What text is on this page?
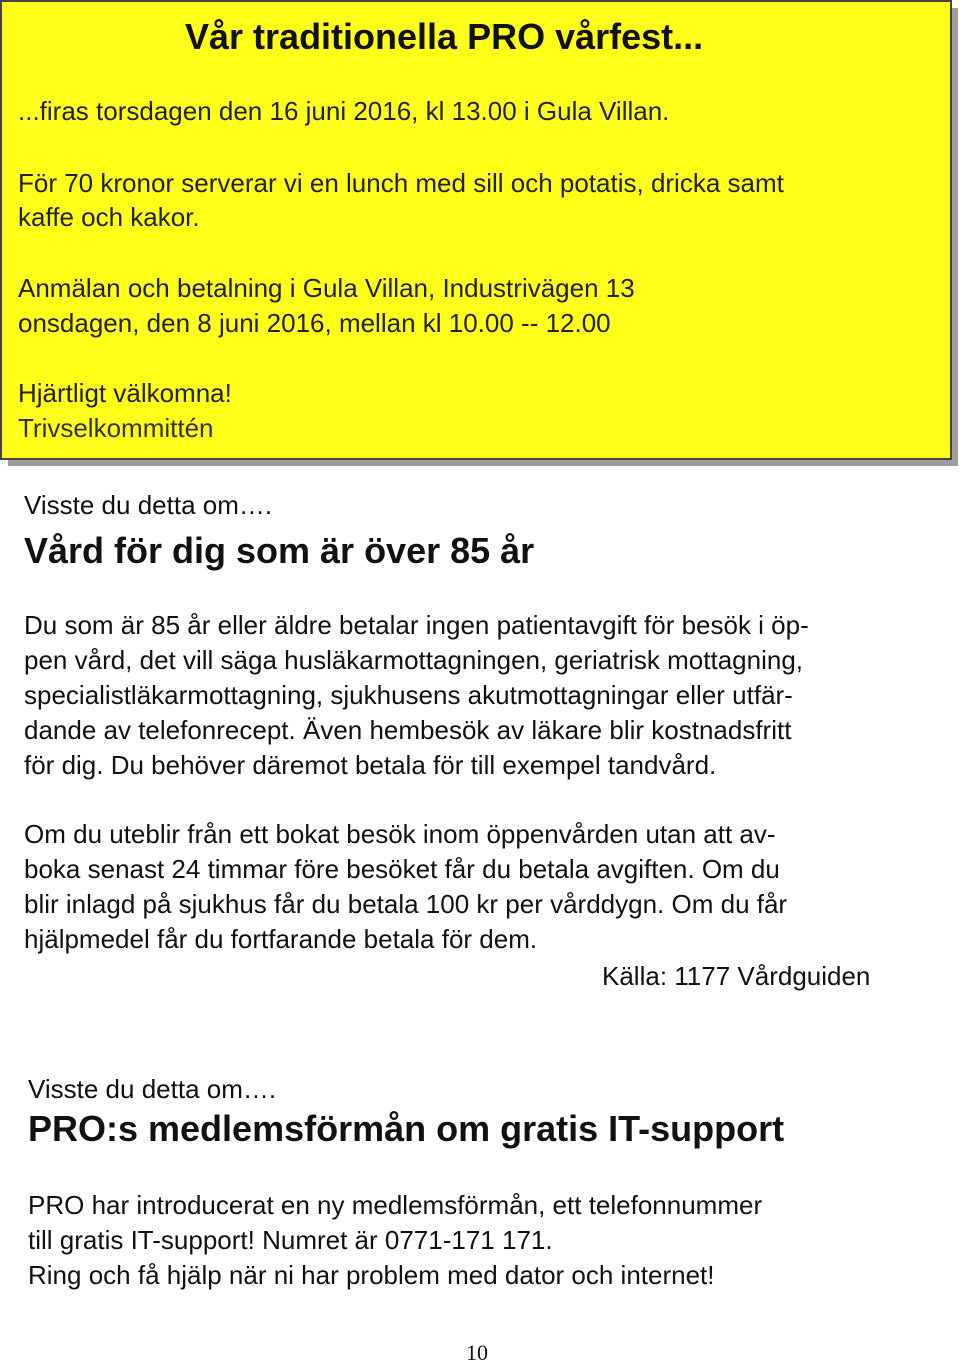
Vår traditionella PRO vårfest...

...firas torsdagen den 16 juni 2016, kl 13.00 i Gula Villan.

För 70 kronor serverar vi en lunch med sill och potatis, dricka samt

kaffe och kakor.

Anmälan och betalning i Gula Villan, Industrivägen 13

onsdagen, den 8 juni 2016, mellan kl 10.00 -- 12.00

Hjärtligt välkomna!

Trivselkommittén

Visste du detta om….

Vård för dig som är över 85 år
Du som är 85 år eller äldre betalar ingen patientavgift för besök i öp-
pen vård, det vill säga husläkarmottagningen, geriatrisk mottagning,
specialistläkarmottagning, sjukhusens akutmottagningar eller utfär-
dande av telefonrecept. Även hembesök av läkare blir kostnadsfritt
för dig. Du behöver däremot betala för till exempel tandvård.
Om du uteblir från ett bokat besök inom öppenvården utan att av-
boka senast 24 timmar före besöket får du betala avgiften. Om du
blir inlagd på sjukhus får du betala 100 kr per vårddygn. Om du får
hjälpmedel får du fortfarande betala för dem.

Källa: 1177 Vårdguiden

Visste du detta om….

PRO:s medlemsförmån om gratis IT-support
PRO har introducerat en ny medlemsförmån, ett telefonnummer
till gratis IT-support! Numret är 0771-171 171.
Ring och få hjälp när ni har problem med dator och internet!

10
